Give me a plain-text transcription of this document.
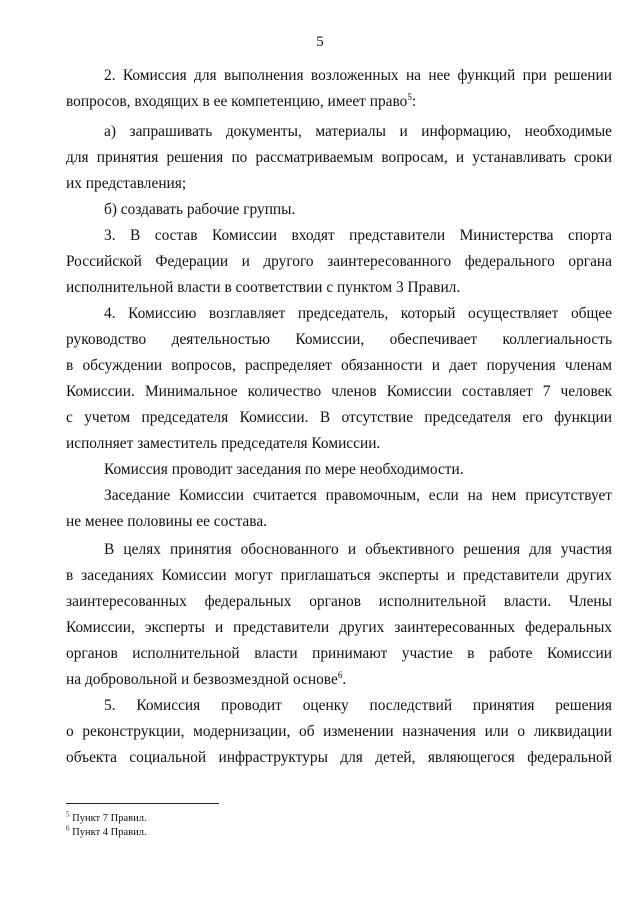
5
2. Комиссия для выполнения возложенных на нее функций при решении
вопросов, входящих в ее компетенцию, имеет право$^5$:
а) запрашивать документы, материалы и информацию, необходимые
для принятия решения по рассматриваемым вопросам, и устанавливать сроки
их представления;
б) создавать рабочие группы.
3. В состав Комиссии входят представители Министерства спорта
Российской Федерации и другого заинтересованного федерального органа
исполнительной власти в соответствии с пунктом 3 Правил.
4. Комиссию возглавляет председатель, который осуществляет общее
руководство деятельностью Комиссии, обеспечивает коллегиальность
в обсуждении вопросов, распределяет обязанности и дает поручения членам
Комиссии. Минимальное количество членов Комиссии составляет 7 человек
с учетом председателя Комиссии. В отсутствие председателя его функции
исполняет заместитель председателя Комиссии.
Комиссия проводит заседания по мере необходимости.
Заседание Комиссии считается правомочным, если на нем присутствует
не менее половины ее состава.
В целях принятия обоснованного и объективного решения для участия
в заседаниях Комиссии могут приглашаться эксперты и представители других
заинтересованных федеральных органов исполнительной власти. Члены
Комиссии, эксперты и представители других заинтересованных федеральных
органов исполнительной власти принимают участие в работе Комиссии
на добровольной и безвозмездной основе$^6$.
5. Комиссия проводит оценку последствий принятия решения
о реконструкции, модернизации, об изменении назначения или о ликвидации
объекта социальной инфраструктуры для детей, являющегося федеральной
$^5$ Пункт 7 Правил.
$^6$ Пункт 4 Правил.
